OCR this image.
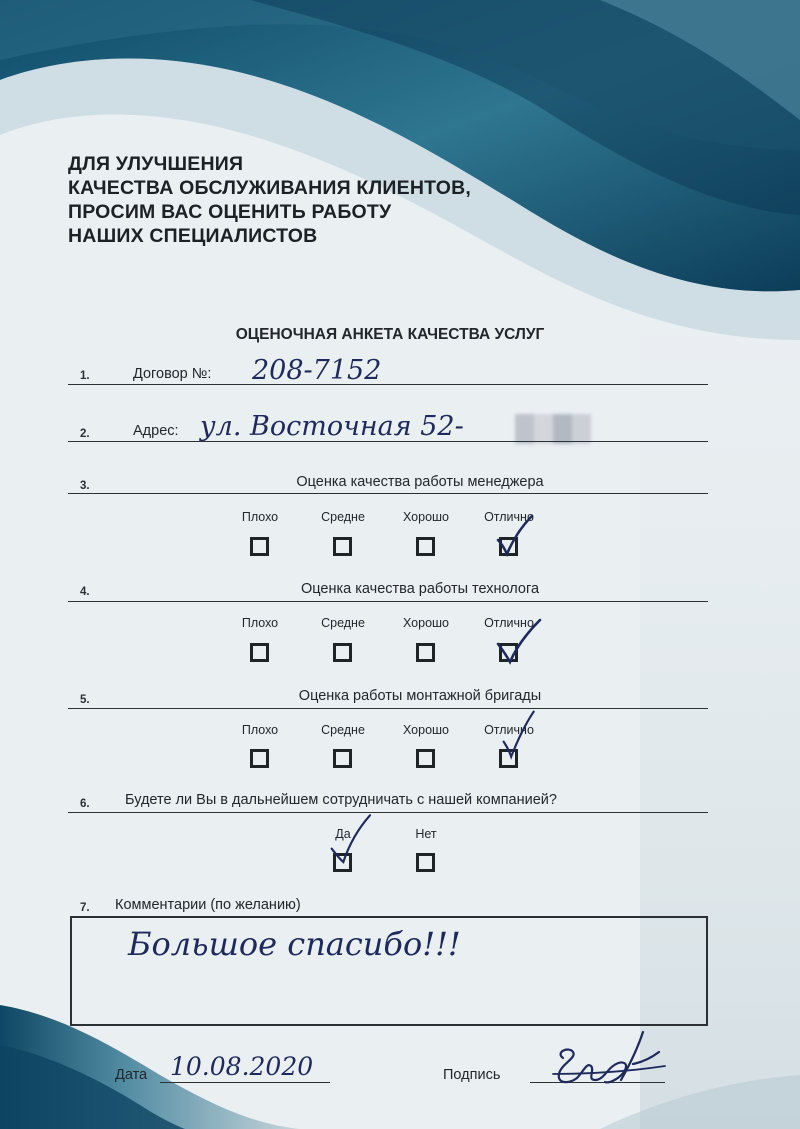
ДЛЯ УЛУЧШЕНИЯ
КАЧЕСТВА ОБСЛУЖИВАНИЯ КЛИЕНТОВ,
ПРОСИМ ВАС ОЦЕНИТЬ РАБОТУ
НАШИХ СПЕЦИАЛИСТОВ
ОЦЕНОЧНАЯ АНКЕТА КАЧЕСТВА УСЛУГ
1.	Договор №: 208-7152
2.	Адрес: ул. Восточная 52-
3.	Оценка качества работы менеджера
Плохо	Средне	Хорошо	Отлично
4.	Оценка качества работы технолога
Плохо	Средне	Хорошо	Отлично
5.	Оценка работы монтажной бригады
Плохо	Средне	Хорошо	Отлично
6. Будете ли Вы в дальнейшем сотрудничать с нашей компанией?
Да	Нет
7. Комментарии (по желанию)
Большое спасибо!!!
Дата 10.08.2020	Подпись
